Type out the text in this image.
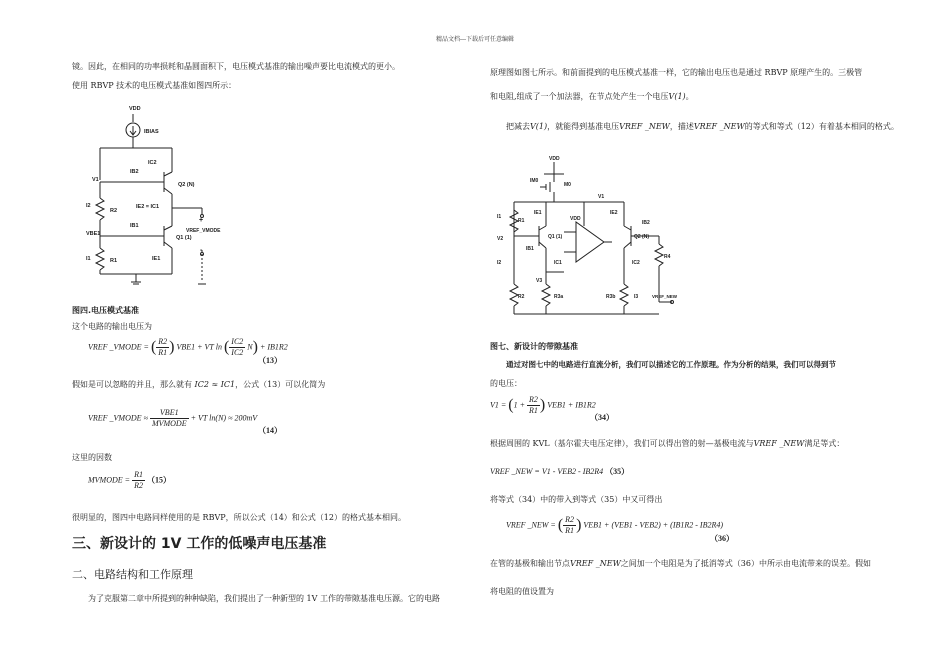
精品文档---下载后可任意编辑
镜。因此，在相同的功率损耗和晶圆面积下，电压模式基准的输出噪声要比电流模式的更小。
使用 RBVP 技术的电压模式基准如图四所示：
VDD
IBIAS
IC2
IB2
Q2 (N)
V1
I2
R2
IE2 = IC1
IB1
VBE1
Q1 (1)
I1	R1	IE1
+
-
VREF_VMODE
图四.电压模式基准
这个电路的输出电压为
VREF _VMODE = ( $\frac{R2}{R1}$ ) VBE1 + VT ln ( $\frac{IC2}{IC2} N) + IB1R2$
（13）
假如是可以忽略的并且，那么就有 IC2 ≈ IC1，公式（13）可以化简为
VREF _VMODE ≈ $\frac{\text{VBE1}}{\text{MVMODE}}$ + VT ln(N) ≈ 200mV
（14）
这里的因数
MVMODE = $\frac{R1}{R2} (15)$
很明显的，图四中电路同样使用的是 RBVP，所以公式（14）和公式（12）的格式基本相同。
三、新设计的 1V 工作的低噪声电压基准
二、电路结构和工作原理
为了克服第二章中所提到的种种缺陷，我们提出了一种新型的 1V 工作的带隙基准电压源。它的电路
原理图如图七所示。和前面提到的电压模式基准一样，它的输出电压也是通过 RBVP 原理产生的。三极管
和电阻,组成了一个加法器，在节点处产生一个电压V(1)。
把减去V(1)，就能得到基准电压VREF _NEW，描述VREF _NEW的等式和等式（12）有着基本相同的格式。
VDD
M0
IM0
V1
I1
R1
IE1
Q1 (1)
IB1
V2
VDD
IE2
IB2
Q2 (N)
R4
I2	IC1	IC2
V3
R2	R3a	R3b	I3	VREF_NEW
图七、新设计的带隙基准
通过对图七中的电路进行直流分析，我们可以描述它的工作原理。作为分析的结果，我们可以得到节
的电压：
$V1 = (1 + \frac{R2}{R1}$ ) VEB1 + IB1R2
（34）
根据周围的 KVL（基尔霍夫电压定律），我们可以得出管的射—基极电流与VREF _NEW满足等式：
VREF _NEW = V1 - VEB2 - IB2R4 （35）
将等式（34）中的带入到等式（35）中又可得出
VREF _NEW = ( $\frac{R2}{R1}$ ) VEB1 + (VEB1 - VEB2) + (IB1R2 - IB2R4)
（36）
在管的基极和输出节点VREF _NEW之间加一个电阻是为了抵消等式（36）中所示由电流带来的误差。假如
将电阻的值设置为
